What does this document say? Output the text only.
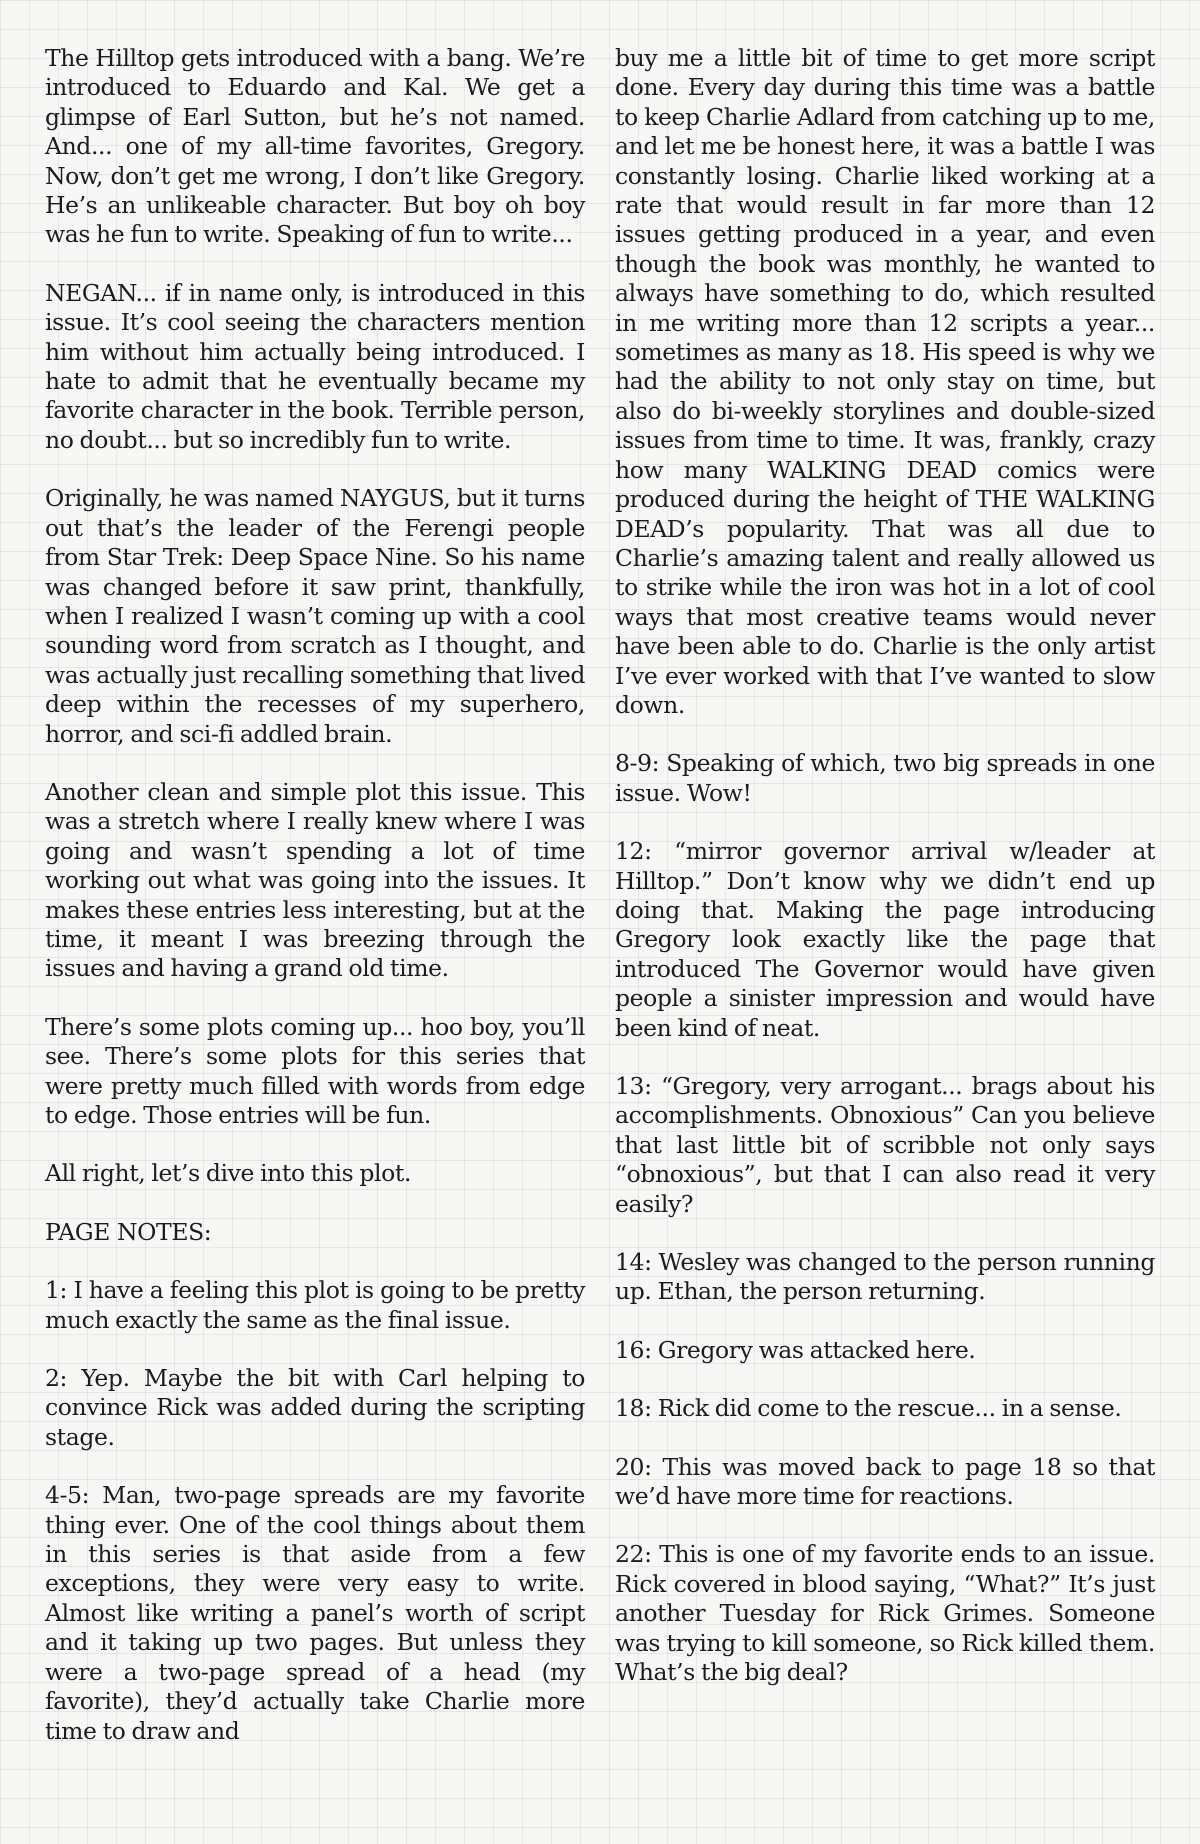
The Hilltop gets introduced with a bang. We’re introduced to Eduardo and Kal. We get a glimpse of Earl Sutton, but he’s not named. And... one of my all-time favorites, Gregory. Now, don’t get me wrong, I don’t like Gregory. He’s an unlikeable character. But boy oh boy was he fun to write. Speaking of fun to write...

NEGAN... if in name only, is introduced in this issue. It’s cool seeing the characters mention him without him actually being introduced. I hate to admit that he eventually became my favorite character in the book. Terrible person, no doubt... but so incredibly fun to write.

Originally, he was named NAYGUS, but it turns out that’s the leader of the Ferengi people from Star Trek: Deep Space Nine. So his name was changed before it saw print, thankfully, when I realized I wasn’t coming up with a cool sounding word from scratch as I thought, and was actually just recalling something that lived deep within the recesses of my superhero, horror, and sci-fi addled brain.

Another clean and simple plot this issue. This was a stretch where I really knew where I was going and wasn’t spending a lot of time working out what was going into the issues. It makes these entries less interesting, but at the time, it meant I was breezing through the issues and having a grand old time.

There’s some plots coming up... hoo boy, you’ll see. There’s some plots for this series that were pretty much filled with words from edge to edge. Those entries will be fun.

All right, let’s dive into this plot.

PAGE NOTES:

1: I have a feeling this plot is going to be pretty much exactly the same as the final issue.

2: Yep. Maybe the bit with Carl helping to convince Rick was added during the scripting stage.

4-5: Man, two-page spreads are my favorite thing ever. One of the cool things about them in this series is that aside from a few exceptions, they were very easy to write. Almost like writing a panel’s worth of script and it taking up two pages. But unless they were a two-page spread of a head (my favorite), they’d actually take Charlie more time to draw and

buy me a little bit of time to get more script done. Every day during this time was a battle to keep Charlie Adlard from catching up to me, and let me be honest here, it was a battle I was constantly losing. Charlie liked working at a rate that would result in far more than 12 issues getting produced in a year, and even though the book was monthly, he wanted to always have something to do, which resulted in me writing more than 12 scripts a year... sometimes as many as 18. His speed is why we had the ability to not only stay on time, but also do bi-weekly storylines and double-sized issues from time to time. It was, frankly, crazy how many WALKING DEAD comics were produced during the height of THE WALKING DEAD’s popularity. That was all due to Charlie’s amazing talent and really allowed us to strike while the iron was hot in a lot of cool ways that most creative teams would never have been able to do. Charlie is the only artist I’ve ever worked with that I’ve wanted to slow down.

8-9: Speaking of which, two big spreads in one issue. Wow!

12: “mirror governor arrival w/leader at Hilltop.” Don’t know why we didn’t end up doing that. Making the page introducing Gregory look exactly like the page that introduced The Governor would have given people a sinister impression and would have been kind of neat.

13: “Gregory, very arrogant... brags about his accomplishments. Obnoxious” Can you believe that last little bit of scribble not only says “obnoxious”, but that I can also read it very easily?

14: Wesley was changed to the person running up. Ethan, the person returning.

16: Gregory was attacked here.

18: Rick did come to the rescue... in a sense.

20: This was moved back to page 18 so that we’d have more time for reactions.

22: This is one of my favorite ends to an issue. Rick covered in blood saying, “What?” It’s just another Tuesday for Rick Grimes. Someone was trying to kill someone, so Rick killed them. What’s the big deal?
